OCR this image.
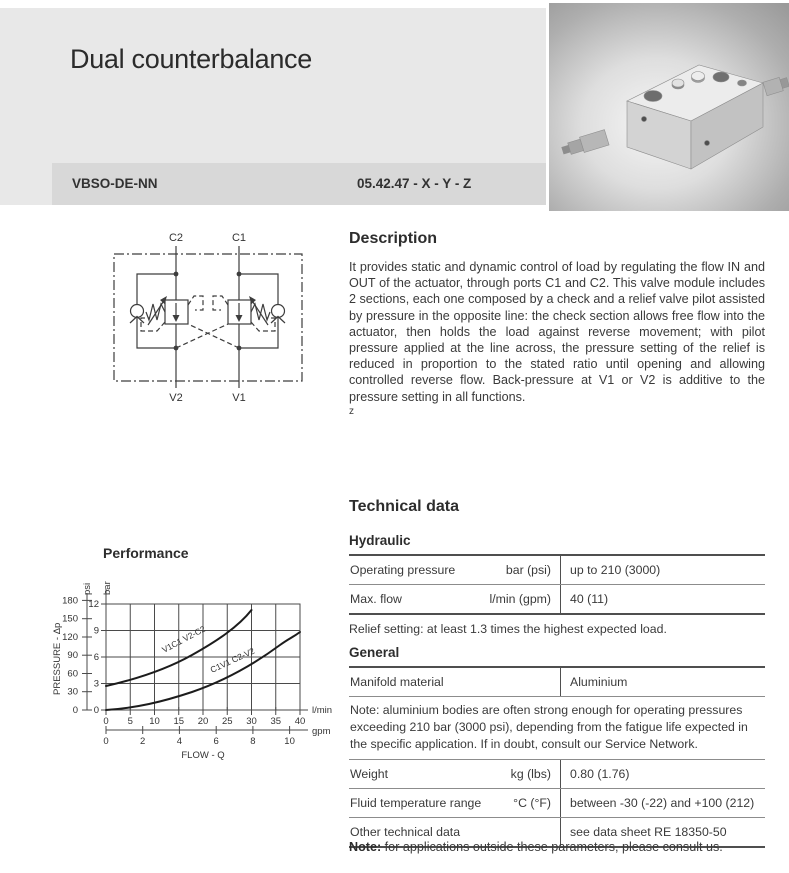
Dual counterbalance
VBSO-DE-NN	05.42.47 - X - Y - Z
C2	C1
V2	V1
Description
It provides static and dynamic control of load by regulating the flow IN and OUT of the actuator, through ports C1 and C2. This valve module includes 2 sections, each one composed by a check and a relief valve pilot assisted by pressure in the opposite line: the check section allows free flow into the actuator, then holds the load against reverse movement; with pilot pressure applied at the line across, the pressure setting of the relief is reduced in proportion to the stated ratio until opening and allowing controlled reverse flow. Back-pressure at V1 or V2 is additive to the pressure setting in all functions.
z
Technical data
Hydraulic
Operating pressure	bar (psi)	up to 210 (3000)
Max. flow	l/min (gpm)	40 (11)
Relief setting: at least 1.3 times the highest expected load.
General
Manifold material	Aluminium
Note: aluminium bodies are often strong enough for operating pressures exceeding 210 bar (3000 psi), depending from the fatigue life expected in the specific application. If in doubt, consult our Service Network.
Weight	kg (lbs)	0.80 (1.76)
Fluid temperature range	°C (°F)	between -30 (-22) and +100 (212)
Other technical data	see data sheet RE 18350-50
Performance
V1C1 V2-C2
C1V1 C2-V2
0
30
60
90
120
150
180
0
3
6
9
12
0 5 10 15 20 25 30 35 40
0	2	4	6	8	10
l/min
gpm
psi bar
PRESSURE - Δp
FLOW - Q
Note: for applications outside these parameters, please consult us.
